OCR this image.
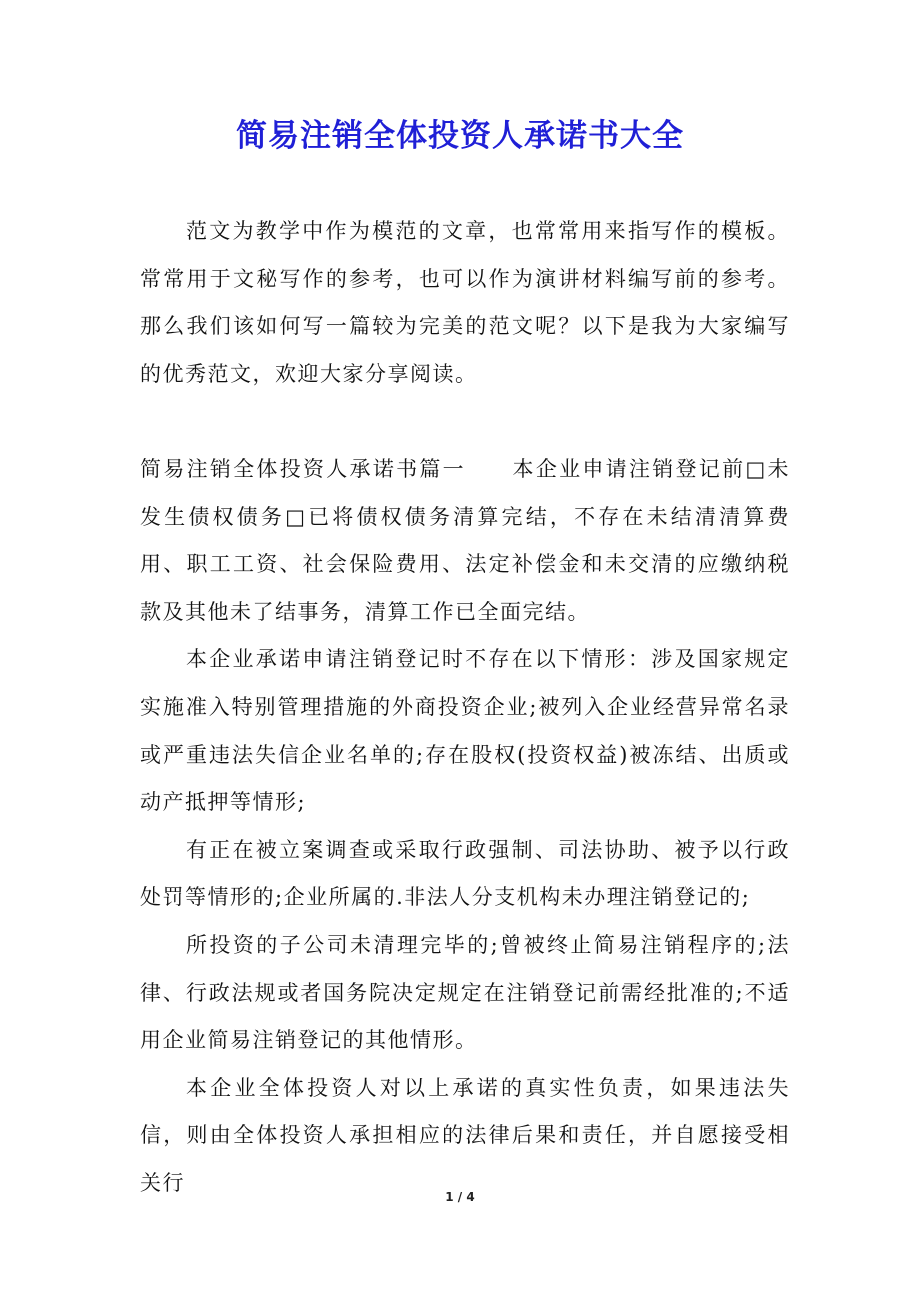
简易注销全体投资人承诺书大全

范文为教学中作为模范的文章，也常常用来指写作的模板。常常用于文秘写作的参考，也可以作为演讲材料编写前的参考。那么我们该如何写一篇较为完美的范文呢？以下是我为大家编写的优秀范文，欢迎大家分享阅读。

简易注销全体投资人承诺书篇一　　本企业申请注销登记前□未发生债权债务□已将债权债务清算完结，不存在未结清清算费用、职工工资、社会保险费用、法定补偿金和未交清的应缴纳税款及其他未了结事务，清算工作已全面完结。

本企业承诺申请注销登记时不存在以下情形：涉及国家规定实施准入特别管理措施的外商投资企业;被列入企业经营异常名录或严重违法失信企业名单的;存在股权(投资权益)被冻结、出质或动产抵押等情形;

有正在被立案调查或采取行政强制、司法协助、被予以行政处罚等情形的;企业所属的.非法人分支机构未办理注销登记的;

所投资的子公司未清理完毕的;曾被终止简易注销程序的;法律、行政法规或者国务院决定规定在注销登记前需经批准的;不适用企业简易注销登记的其他情形。

本企业全体投资人对以上承诺的真实性负责，如果违法失信，则由全体投资人承担相应的法律后果和责任，并自愿接受相关行

1 / 4
